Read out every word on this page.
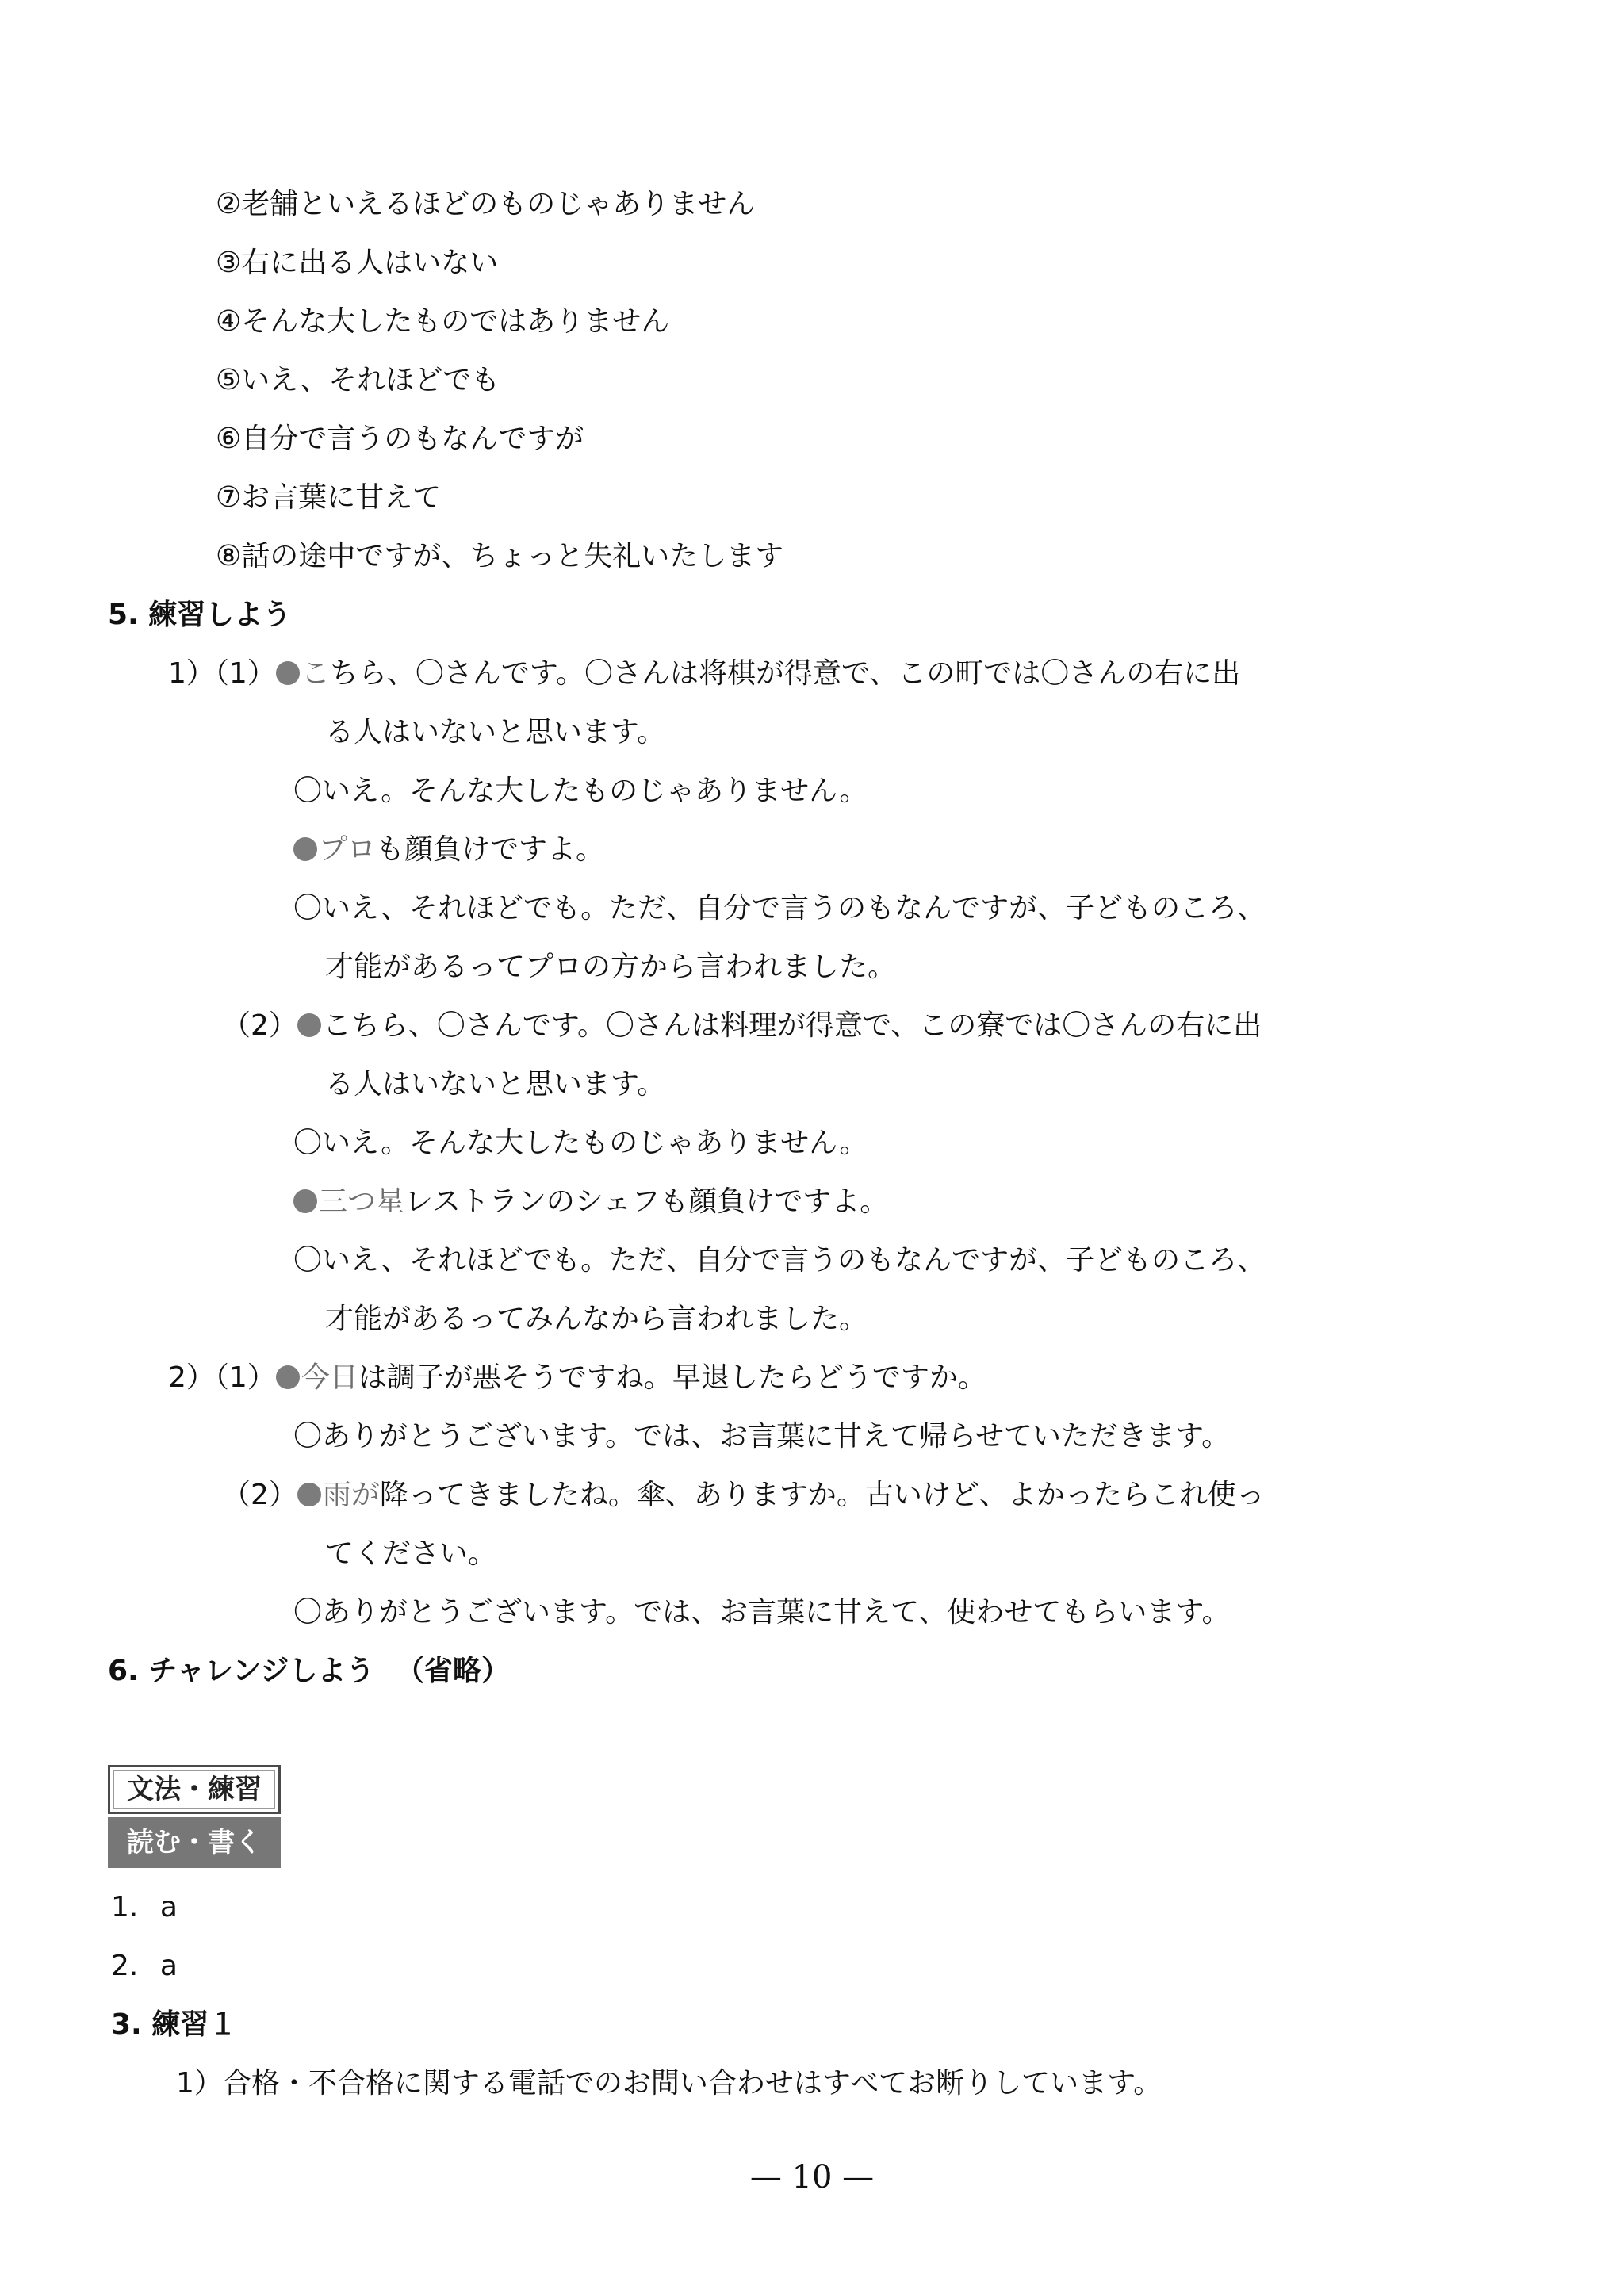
②老舗といえるほどのものじゃありません
③右に出る人はいない
④そんな大したものではありません
⑤いえ、それほどでも
⑥自分で言うのもなんですが
⑦お言葉に甘えて
⑧話の途中ですが、ちょっと失礼いたします
5. 練習しよう
1）（1） こちら、〇さんです。〇さんは将棋が得意で、この町では〇さんの右に出
る人はいないと思います。
〇いえ。そんな大したものじゃありません。
プロも顔負けですよ。
〇いえ、それほどでも。ただ、自分で言うのもなんですが、子どものころ、
才能があるってプロの方から言われました。
（2） こちら、〇さんです。〇さんは料理が得意で、この寮では〇さんの右に出
る人はいないと思います。
〇いえ。そんな大したものじゃありません。
三つ星レストランのシェフも顔負けですよ。
〇いえ、それほどでも。ただ、自分で言うのもなんですが、子どものころ、
才能があるってみんなから言われました。
2）（1） 今日は調子が悪そうですね。早退したらどうですか。
〇ありがとうございます。では、お言葉に甘えて帰らせていただきます。
（2） 雨が降ってきましたね。傘、ありますか。古いけど、よかったらこれ使っ
てください。
〇ありがとうございます。では、お言葉に甘えて、使わせてもらいます。
6. チャレンジしよう （省略）
文法・練習
読む・書く
1. a
2. a
3. 練習１
1）合格・不合格に関する電話でのお問い合わせはすべてお断りしています。
— 10 —
